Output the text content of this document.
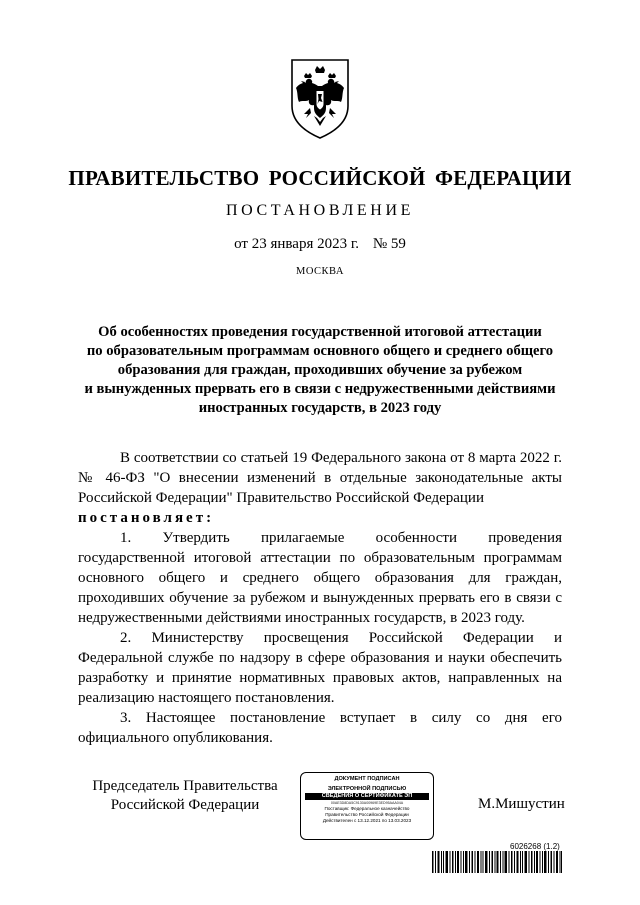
ПРАВИТЕЛЬСТВО РОССИЙСКОЙ ФЕДЕРАЦИИ
ПОСТАНОВЛЕНИЕ
от 23 января 2023 г. № 59
МОСКВА
Об особенностях проведения государственной итоговой аттестации
по образовательным программам основного общего и среднего общего
образования для граждан, проходивших обучение за рубежом
и вынужденных прервать его в связи с недружественными действиями
иностранных государств, в 2023 году

В соответствии со статьей 19 Федерального закона от 8 марта 2022 г. № 46-ФЗ "О внесении изменений в отдельные законодательные акты Российской Федерации" Правительство Российской Федерации

постановляет:

1. Утвердить прилагаемые особенности проведения государственной итоговой аттестации по образовательным программам основного общего и среднего общего образования для граждан, проходивших обучение за рубежом и вынужденных прервать его в связи с недружественными действиями иностранных государств, в 2023 году.

2. Министерству просвещения Российской Федерации и Федеральной службе по надзору в сфере образования и науки обеспечить разработку и принятие нормативных правовых актов, направленных на реализацию настоящего постановления.

3. Настоящее постановление вступает в силу со дня его официального опубликования.

Председатель Правительства
Российской Федерации
ДОКУМЕНТ ПОДПИСАН
ЭЛЕКТРОННОЙ ПОДПИСЬЮ
СВЕДЕНИЯ О СЕРТИФИКАТЕ ЭП
00AE3D8DA5C9130A00969E3ED95AAA04A
Поставщик: Федеральное казначейство
Правительство Российской Федерации
Действителен с 13.12.2021 по 13.03.2023
М.Мишустин
6026268 (1.2)
